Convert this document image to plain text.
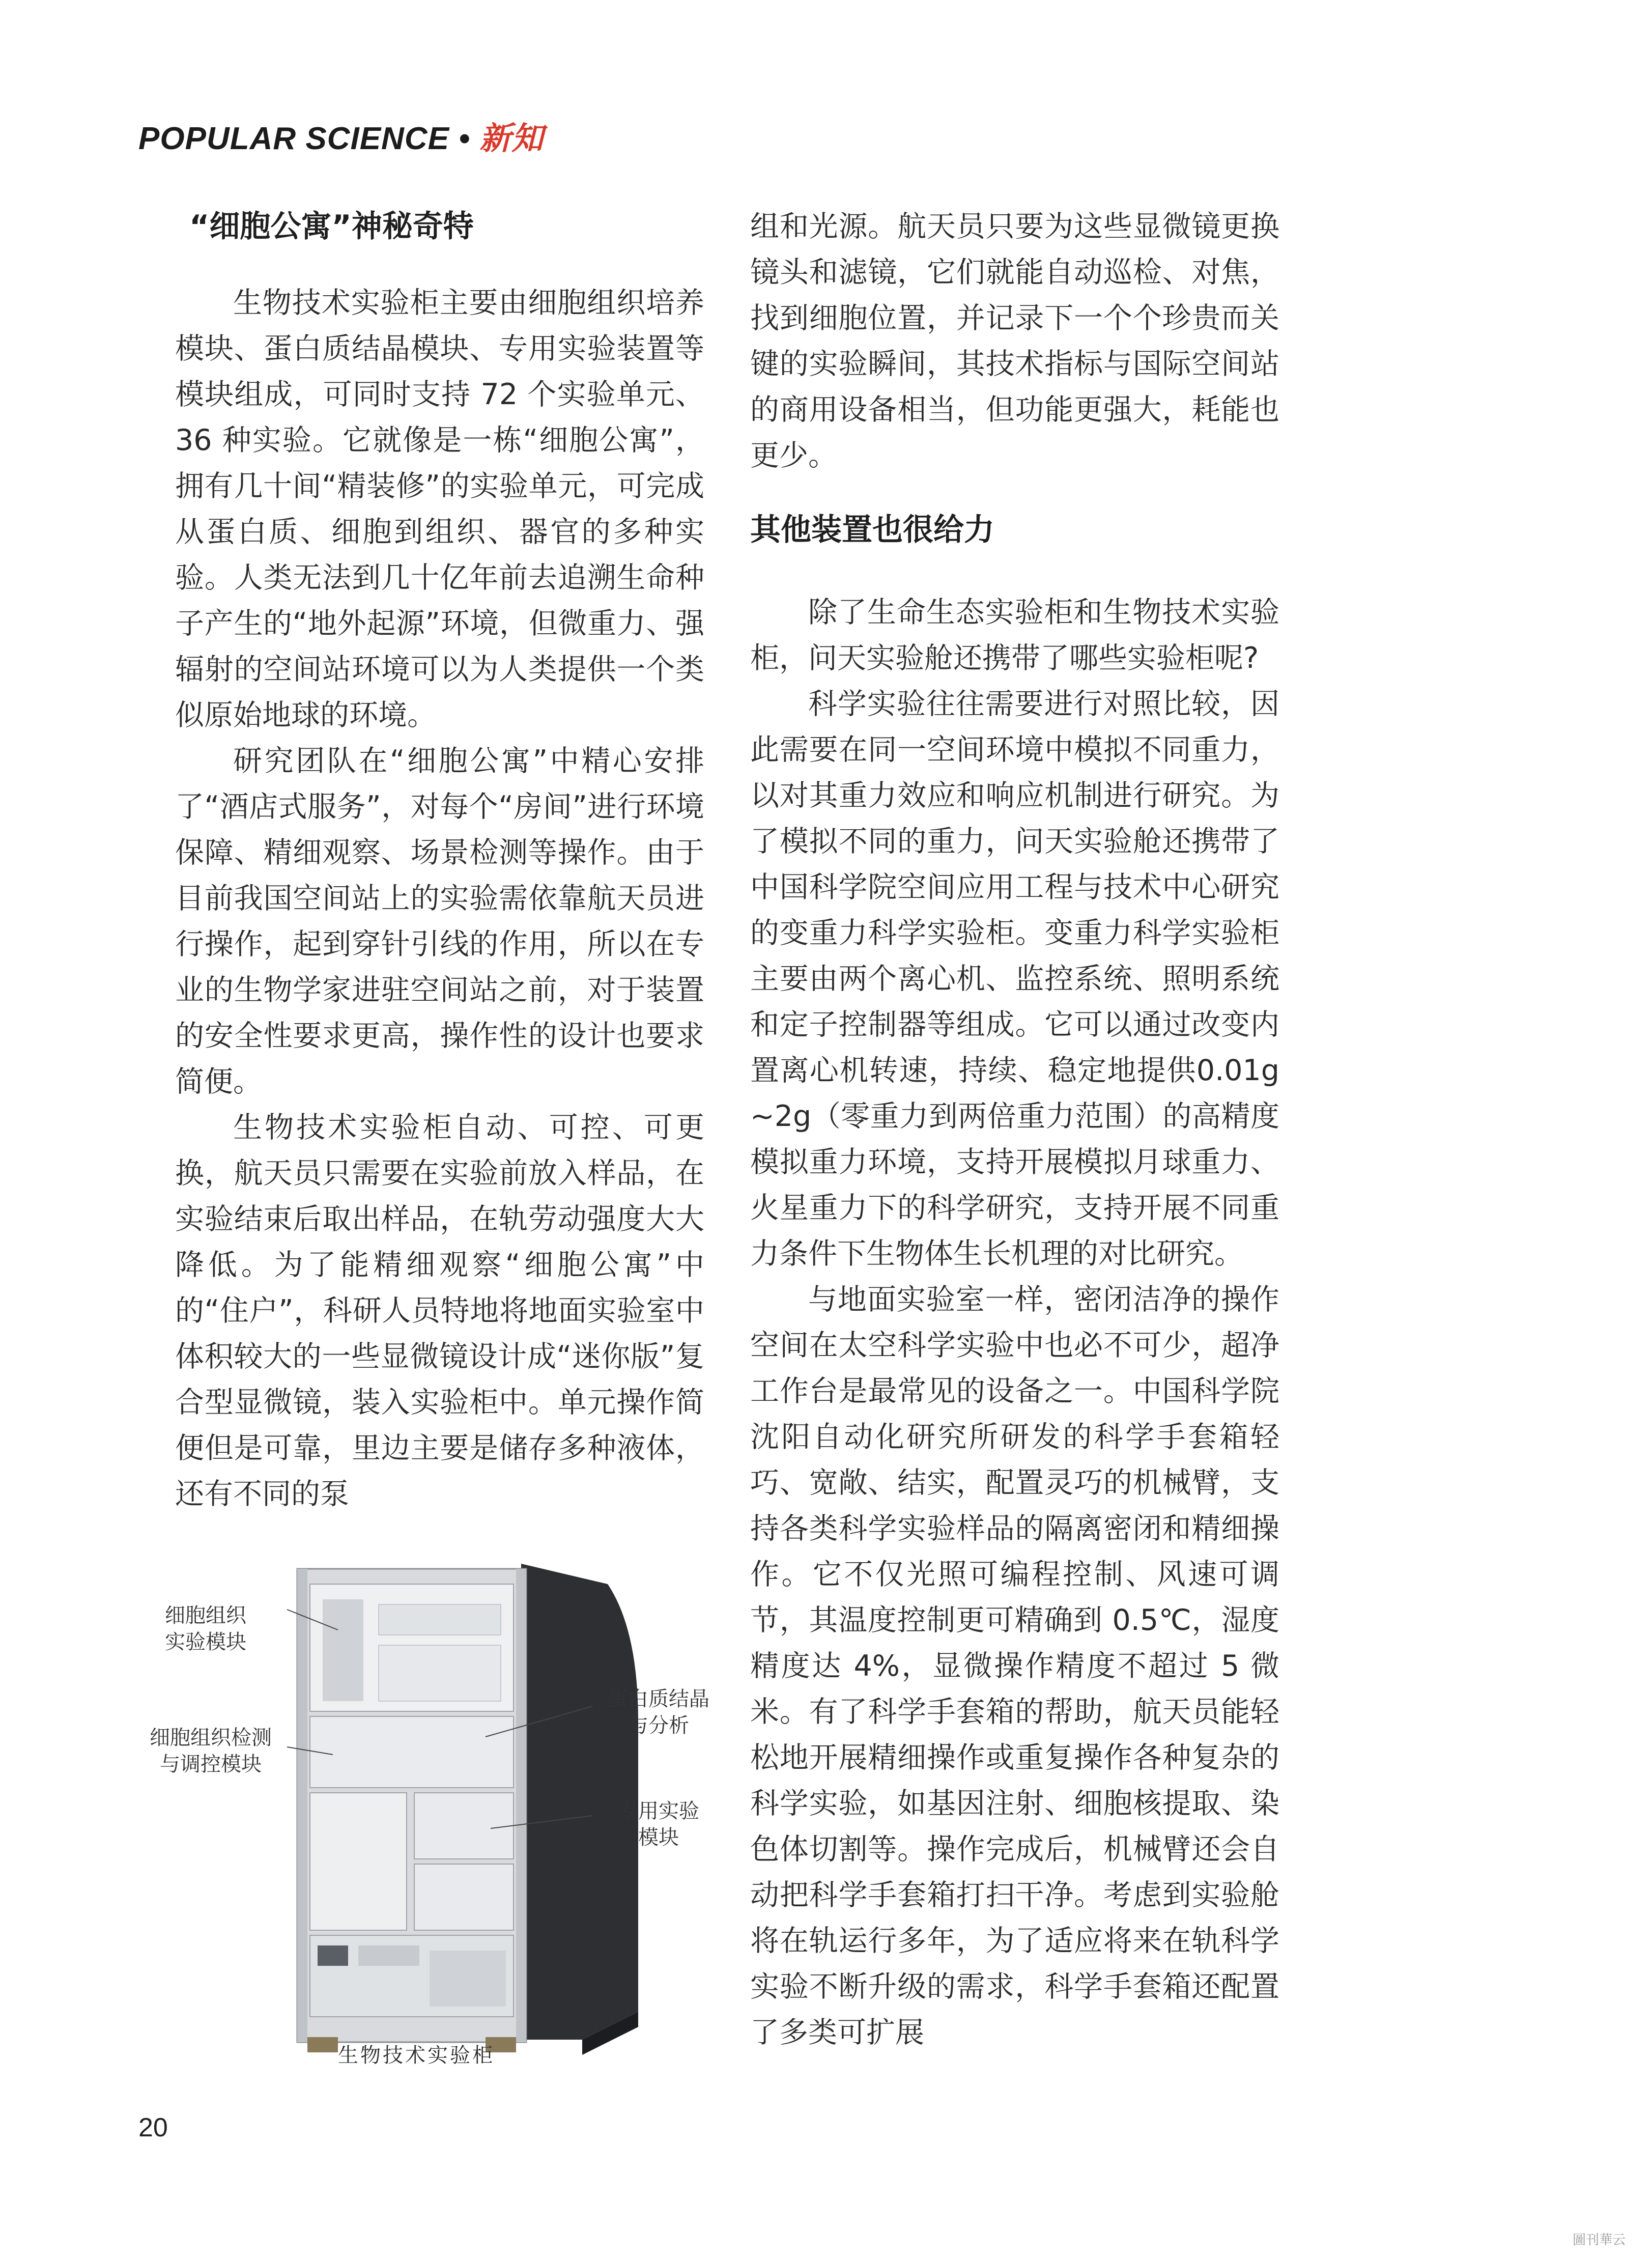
POPULAR SCIENCE • 新知
“细胞公寓”神秘奇特

生物技术实验柜主要由细胞组织培养模块、蛋白质结晶模块、专用实验装置等模块组成，可同时支持 72 个实验单元、36 种实验。它就像是一栋“细胞公寓”，拥有几十间“精装修”的实验单元，可完成从蛋白质、细胞到组织、器官的多种实验。人类无法到几十亿年前去追溯生命种子产生的“地外起源”环境，但微重力、强辐射的空间站环境可以为人类提供一个类似原始地球的环境。

研究团队在“细胞公寓”中精心安排了“酒店式服务”，对每个“房间”进行环境保障、精细观察、场景检测等操作。由于目前我国空间站上的实验需依靠航天员进行操作，起到穿针引线的作用，所以在专业的生物学家进驻空间站之前，对于装置的安全性要求更高，操作性的设计也要求简便。

生物技术实验柜自动、可控、可更换，航天员只需要在实验前放入样品，在实验结束后取出样品，在轨劳动强度大大降低。为了能精细观察“细胞公寓”中的“住户”，科研人员特地将地面实验室中体积较大的一些显微镜设计成“迷你版”复合型显微镜，装入实验柜中。单元操作简便但是可靠，里边主要是储存多种液体，还有不同的泵

组和光源。航天员只要为这些显微镜更换镜头和滤镜，它们就能自动巡检、对焦，找到细胞位置，并记录下一个个珍贵而关键的实验瞬间，其技术指标与国际空间站的商用设备相当，但功能更强大，耗能也更少。

其他装置也很给力

除了生命生态实验柜和生物技术实验柜，问天实验舱还携带了哪些实验柜呢?

科学实验往往需要进行对照比较，因此需要在同一空间环境中模拟不同重力，以对其重力效应和响应机制进行研究。为了模拟不同的重力，问天实验舱还携带了中国科学院空间应用工程与技术中心研究的变重力科学实验柜。变重力科学实验柜主要由两个离心机、监控系统、照明系统和定子控制器等组成。它可以通过改变内置离心机转速，持续、稳定地提供0.01g~2g（零重力到两倍重力范围）的高精度模拟重力环境，支持开展模拟月球重力、火星重力下的科学研究，支持开展不同重力条件下生物体生长机理的对比研究。

与地面实验室一样，密闭洁净的操作空间在太空科学实验中也必不可少，超净工作台是最常见的设备之一。中国科学院沈阳自动化研究所研发的科学手套箱轻巧、宽敞、结实，配置灵巧的机械臂，支持各类科学实验样品的隔离密闭和精细操作。它不仅光照可编程控制、风速可调节，其温度控制更可精确到 0.5℃，湿度精度达 4%，显微操作精度不超过 5 微米。有了科学手套箱的帮助，航天员能轻松地开展精细操作或重复操作各种复杂的科学实验，如基因注射、细胞核提取、染色体切割等。操作完成后，机械臂还会自动把科学手套箱打扫干净。考虑到实验舱将在轨运行多年，为了适应将来在轨科学实验不断升级的需求，科学手套箱还配置了多类可扩展

细胞组织
实验模块
细胞组织检测
与调控模块
蛋白质结晶
与分析
专用实验
模块
生物技术实验柜
20
圖刊華云
